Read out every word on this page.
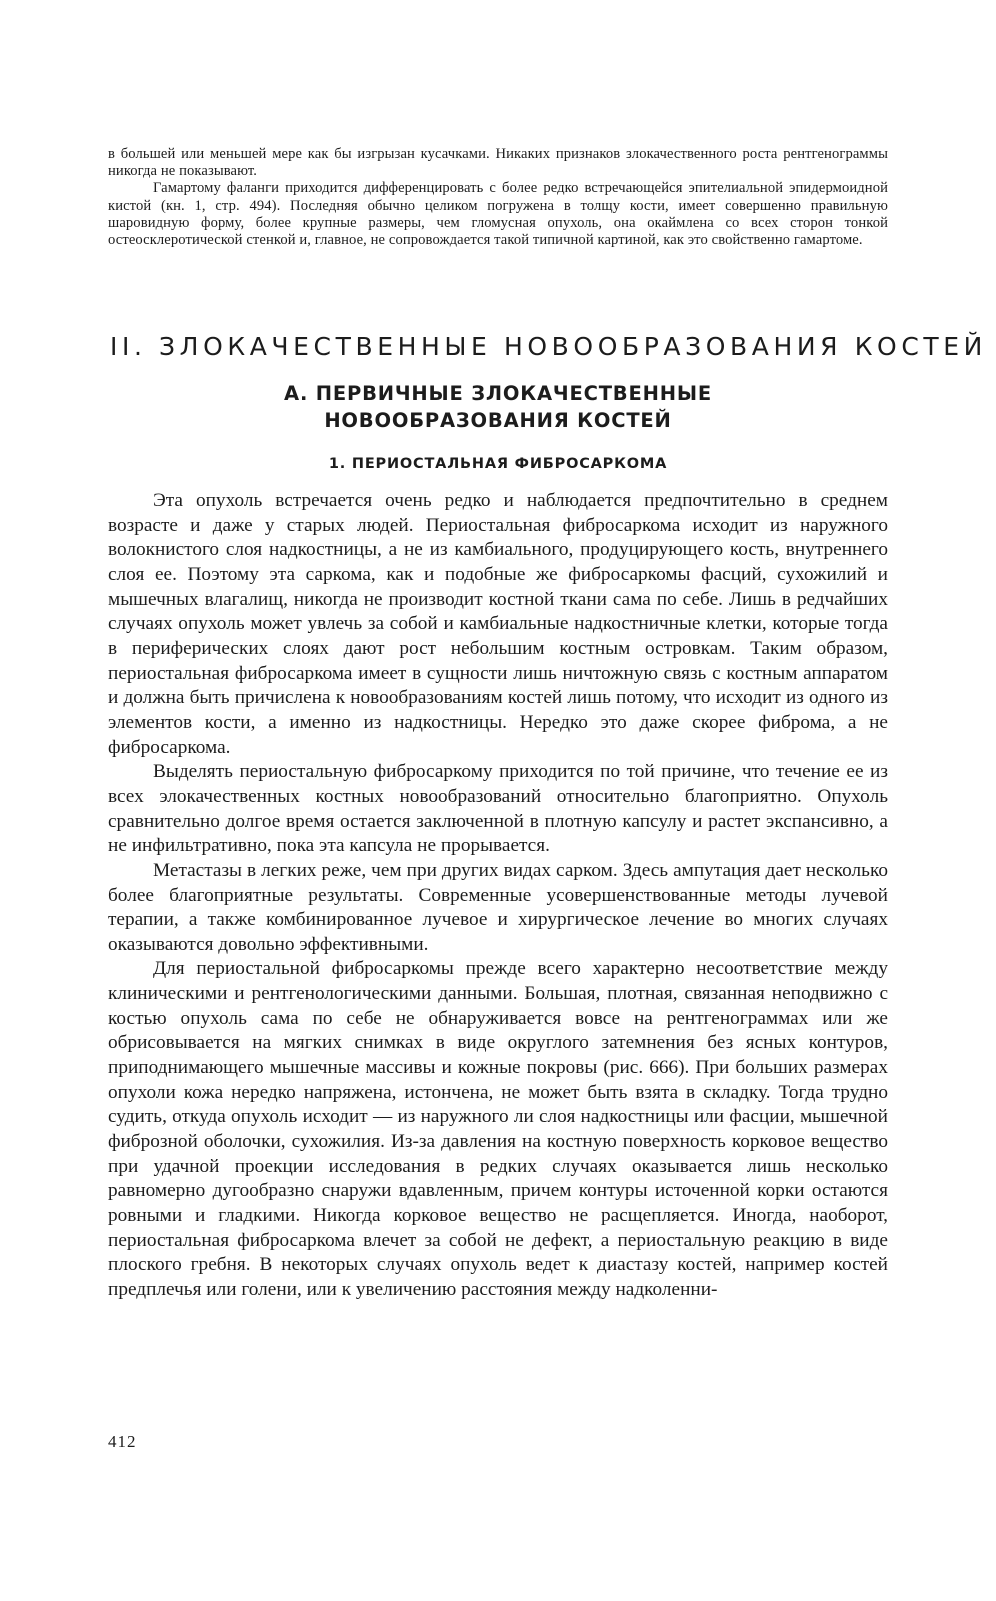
в большей или меньшей мере как бы изгрызан кусачками. Никаких признаков злокачественного роста рентгенограммы никогда не показывают.

Гамартому фаланги приходится дифференцировать с более редко встречающейся эпителиальной эпидермоидной кистой (кн. 1, стр. 494). Последняя обычно целиком погружена в толщу кости, имеет совершенно правильную шаровидную форму, более крупные размеры, чем гломусная опухоль, она окаймлена со всех сторон тонкой остеосклеротической стенкой и, главное, не сопровождается такой типичной картиной, как это свойственно гамартоме.

II. ЗЛОКАЧЕСТВЕННЫЕ НОВООБРАЗОВАНИЯ КОСТЕЙ
А. ПЕРВИЧНЫЕ ЗЛОКАЧЕСТВЕННЫЕ
НОВООБРАЗОВАНИЯ КОСТЕЙ
1. ПЕРИОСТАЛЬНАЯ ФИБРОСАРКОМА

Эта опухоль встречается очень редко и наблюдается предпочтительно в среднем возрасте и даже у старых людей. Периостальная фибросаркома исходит из наружного волокнистого слоя надкостницы, а не из камбиального, продуцирующего кость, внутреннего слоя ее. Поэтому эта саркома, как и подобные же фибросаркомы фасций, сухожилий и мышечных влагалищ, никогда не производит костной ткани сама по себе. Лишь в редчайших случаях опухоль может увлечь за собой и камбиальные надкостничные клетки, которые тогда в периферических слоях дают рост небольшим костным островкам. Таким образом, периостальная фибросаркома имеет в сущности лишь ничтожную связь с костным аппаратом и должна быть причислена к новообразованиям костей лишь потому, что исходит из одного из элементов кости, а именно из надкостницы. Нередко это даже скорее фиброма, а не фибросаркома.

Выделять периостальную фибросаркому приходится по той причине, что течение ее из всех элокачественных костных новообразований относительно благоприятно. Опухоль сравнительно долгое время остается заключенной в плотную капсулу и растет экспансивно, а не инфильтративно, пока эта капсула не прорывается.

Метастазы в легких реже, чем при других видах сарком. Здесь ампутация дает несколько более благоприятные результаты. Современные усовершенствованные методы лучевой терапии, а также комбинированное лучевое и хирургическое лечение во многих случаях оказываются довольно эффективными.

Для периостальной фибросаркомы прежде всего характерно несоответствие между клиническими и рентгенологическими данными. Большая, плотная, связанная неподвижно с костью опухоль сама по себе не обнаруживается вовсе на рентгенограммах или же обрисовывается на мягких снимках в виде округлого затемнения без ясных контуров, приподнимающего мышечные массивы и кожные покровы (рис. 666). При больших размерах опухоли кожа нередко напряжена, истончена, не может быть взята в складку. Тогда трудно судить, откуда опухоль исходит — из наружного ли слоя надкостницы или фасции, мышечной фиброзной оболочки, сухожилия. Из-за давления на костную поверхность корковое вещество при удачной проекции исследования в редких случаях оказывается лишь несколько равномерно дугообразно снаружи вдавленным, причем контуры источенной корки остаются ровными и гладкими. Никогда корковое вещество не расщепляется. Иногда, наоборот, периостальная фибросаркома влечет за собой не дефект, а периостальную реакцию в виде плоского гребня. В некоторых случаях опухоль ведет к диастазу костей, например костей предплечья или голени, или к увеличению расстояния между надколенни-

412
